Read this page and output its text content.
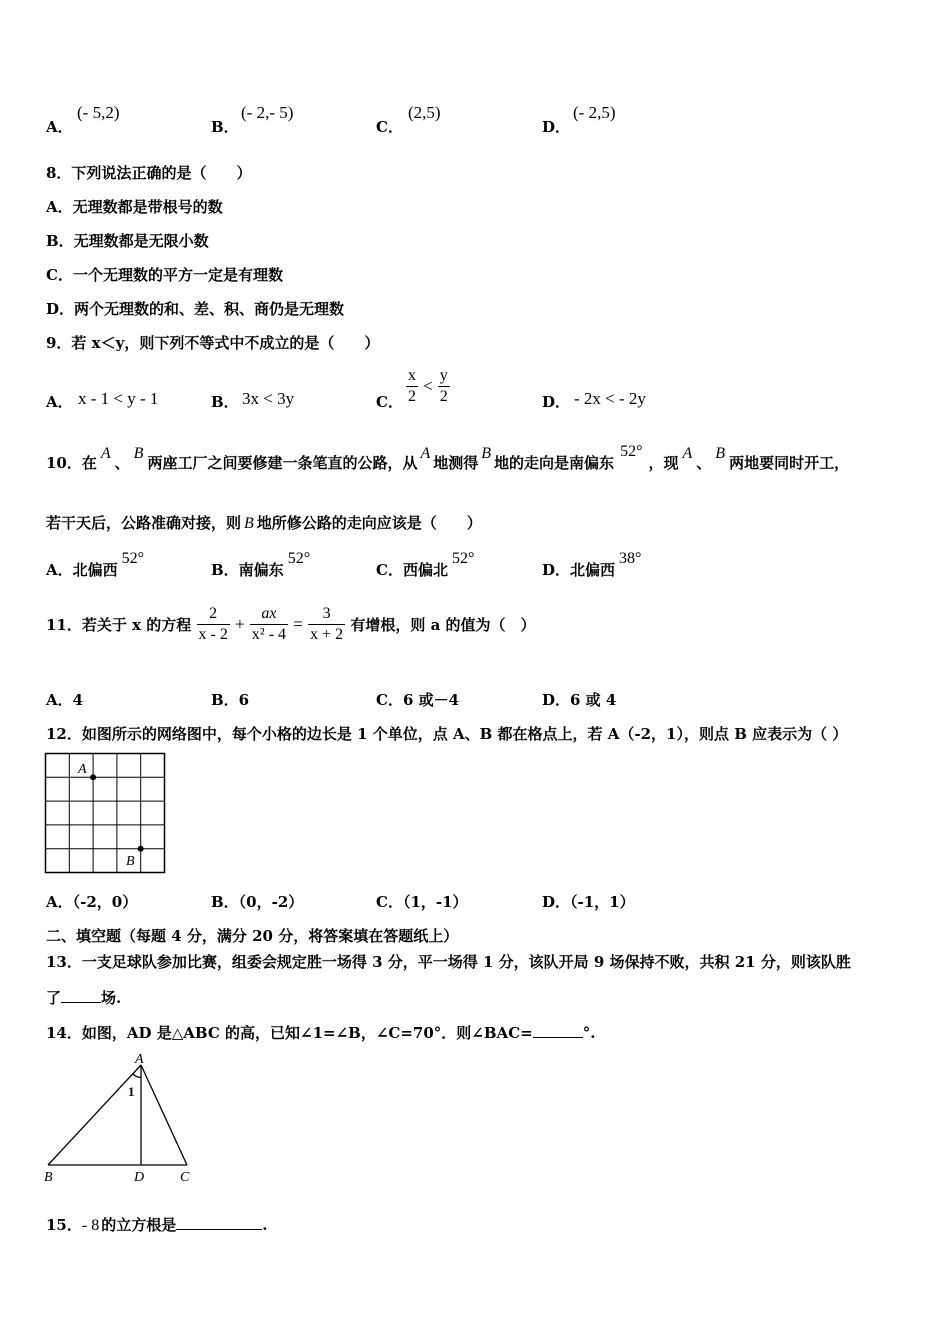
A．
(- 5,2)
B．
(- 2,- 5)
C．
(2,5)
D．
(- 2,5)
8．下列说法正确的是（　　）
A．无理数都是带根号的数
B．无理数都是无限小数
C．一个无理数的平方一定是有理数
D．两个无理数的和、差、积、商仍是无理数
9．若 x＜y，则下列不等式中不成立的是（　　）
A． x - 1 < y - 1	B． 3x < 3y	C． $\frac{x}{2} < \frac{y}{2}$	D． - 2x < - 2y
10．在A、B两座工厂之间要修建一条笔直的公路，从A地测得B地的走向是南偏东52°，现A、B两地要同时开工，
若干天后，公路准确对接，则 B 地所修公路的走向应该是（　　）
A．北偏西52°
B．南偏东52°
C．西偏北52°
D．北偏西38°
11．若关于 x 的方程 $\frac{2}{x - 2} + \frac{ax}{\text{x² - 4}} = \frac{3}{x + 2}$ 有增根，则 a 的值为（　）
A．4	B．6	C．6 或－4	D．6 或 4
12．如图所示的网络图中，每个小格的边长是 1 个单位，点 A、B 都在格点上，若 A（-2，1），则点 B 应表示为（ ）
A
B
A．（-2，0）	B．（0，-2）	C．（1，-1）	D．（-1，1）
二、填空题（每题 4 分，满分 20 分，将答案填在答题纸上）
13．一支足球队参加比赛，组委会规定胜一场得 3 分，平一场得 1 分，该队开局 9 场保持不败，共积 21 分，则该队胜
了	场.
14．如图，AD 是△ABC 的高，已知∠1=∠B，∠C=70°．则∠BAC=	°.
A
B	D	C
1
15．- 8 的立方根是	.
